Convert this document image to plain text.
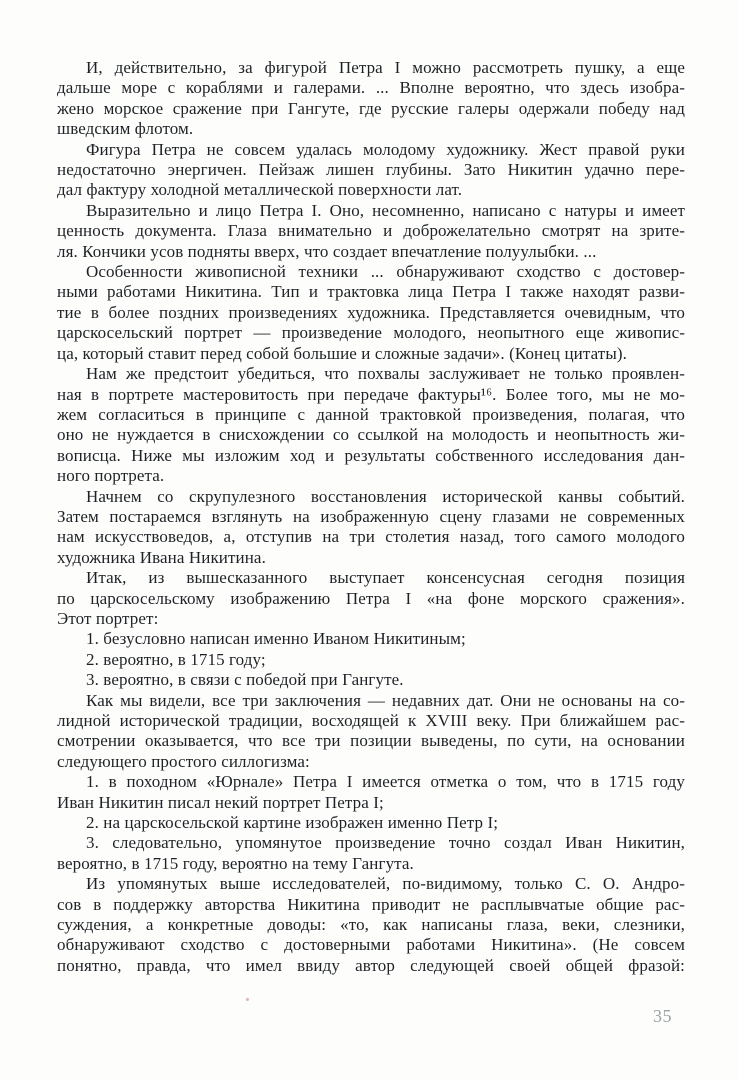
И, действительно, за фигурой Петра I можно рассмотреть пушку, а еще
дальше море с кораблями и галерами. ... Вполне вероятно, что здесь изобра-
жено морское сражение при Гангуте, где русские галеры одержали победу над
шведским флотом.
Фигура Петра не совсем удалась молодому художнику. Жест правой руки
недостаточно энергичен. Пейзаж лишен глубины. Зато Никитин удачно пере-
дал фактуру холодной металлической поверхности лат.
Выразительно и лицо Петра I. Оно, несомненно, написано с натуры и имеет
ценность документа. Глаза внимательно и доброжелательно смотрят на зрите-
ля. Кончики усов подняты вверх, что создает впечатление полуулыбки. ...
Особенности живописной техники ... обнаруживают сходство с достовер-
ными работами Никитина. Тип и трактовка лица Петра I также находят разви-
тие в более поздних произведениях художника. Представляется очевидным, что
царскосельский портрет — произведение молодого, неопытного еще живопис-
ца, который ставит перед собой большие и сложные задачи». (Конец цитаты).
Нам же предстоит убедиться, что похвалы заслуживает не только проявлен-
ная в портрете мастеровитость при передаче фактуры¹⁶. Более того, мы не мо-
жем согласиться в принципе с данной трактовкой произведения, полагая, что
оно не нуждается в снисхождении со ссылкой на молодость и неопытность жи-
вописца. Ниже мы изложим ход и результаты собственного исследования дан-
ного портрета.
Начнем со скрупулезного восстановления исторической канвы событий.
Затем постараемся взглянуть на изображенную сцену глазами не современных
нам искусствоведов, а, отступив на три столетия назад, того самого молодого
художника Ивана Никитина.
Итак, из вышесказанного выступает консенсусная сегодня позиция
по царскосельскому изображению Петра I «на фоне морского сражения».
Этот портрет:
1. безусловно написан именно Иваном Никитиным;
2. вероятно, в 1715 году;
3. вероятно, в связи с победой при Гангуте.
Как мы видели, все три заключения — недавних дат. Они не основаны на со-
лидной исторической традиции, восходящей к XVIII веку. При ближайшем рас-
смотрении оказывается, что все три позиции выведены, по сути, на основании
следующего простого силлогизма:
1. в походном «Юрнале» Петра I имеется отметка о том, что в 1715 году
Иван Никитин писал некий портрет Петра I;
2. на царскосельской картине изображен именно Петр I;
3. следовательно, упомянутое произведение точно создал Иван Никитин,
вероятно, в 1715 году, вероятно на тему Гангута.
Из упомянутых выше исследователей, по-видимому, только С. О. Андро-
сов в поддержку авторства Никитина приводит не расплывчатые общие рас-
суждения, а конкретные доводы: «то, как написаны глаза, веки, слезники,
обнаруживают сходство с достоверными работами Никитина». (Не совсем
понятно, правда, что имел ввиду автор следующей своей общей фразой:
35
